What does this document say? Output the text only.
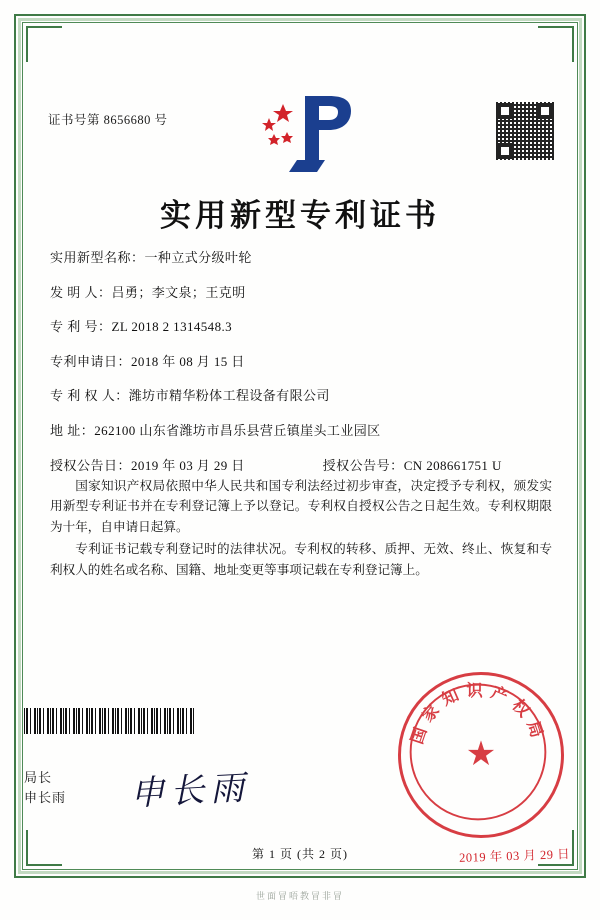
证书号第 8656680 号
实用新型专利证书
实用新型名称： 一种立式分级叶轮
发 明 人： 吕勇；李文泉；王克明
专 利 号： ZL 2018 2 1314548.3
专利申请日： 2018 年 08 月 15 日
专 利 权 人： 潍坊市精华粉体工程设备有限公司
地 址： 262100 山东省潍坊市昌乐县营丘镇崖头工业园区
授权公告日： 2019 年 03 月 29 日	授权公告号： CN 208661751 U

国家知识产权局依照中华人民共和国专利法经过初步审查，决定授予专利权，颁发实用新型专利证书并在专利登记簿上予以登记。专利权自授权公告之日起生效。专利权期限为十年，自申请日起算。

专利证书记载专利登记时的法律状况。专利权的转移、质押、无效、终止、恢复和专利权人的姓名或名称、国籍、地址变更等事项记载在专利登记簿上。

局长
申长雨 申长雨
国家知识产权局
★
2019 年 03 月 29 日
第 1 页 (共 2 页)
世面冒唔教冒非冒
